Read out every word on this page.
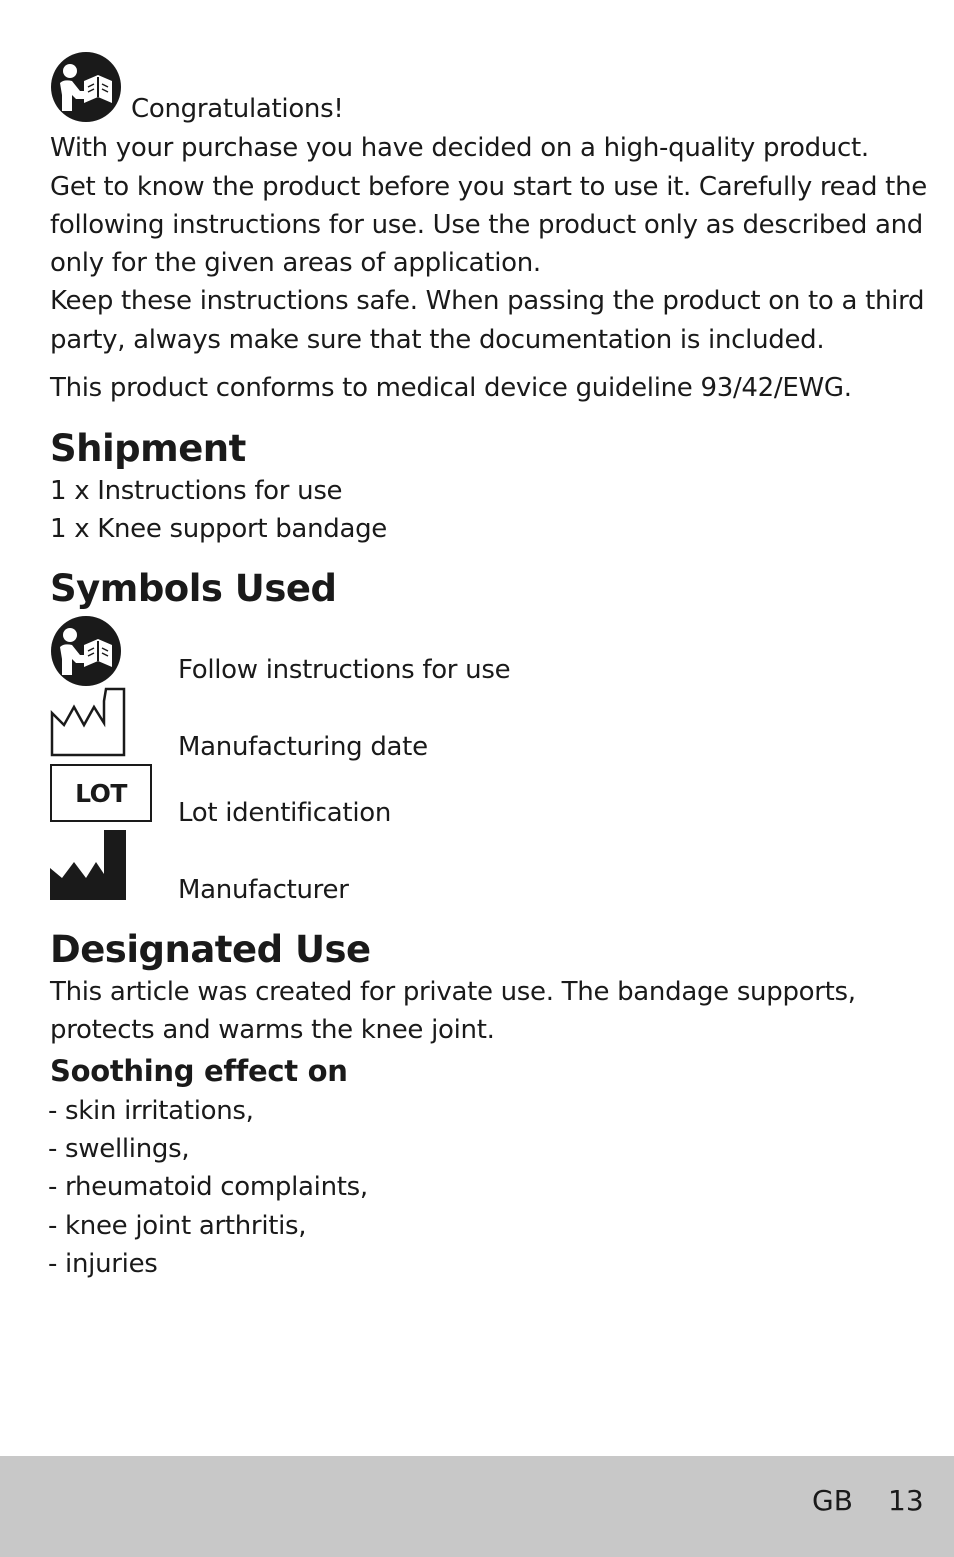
Congratulations!

With your purchase you have decided on a high-quality product.

Get to know the product before you start to use it. Carefully read the

following instructions for use. Use the product only as described and

only for the given areas of application.

Keep these instructions safe. When passing the product on to a third

party, always make sure that the documentation is included.

This product conforms to medical device guideline 93/42/EWG.

Shipment

1 x Instructions for use

1 x Knee support bandage

Symbols Used

Follow instructions for use

Manufacturing date

LOT

Lot identification

Manufacturer

Designated Use

This article was created for private use. The bandage supports,

protects and warms the knee joint.

Soothing effect on

- skin irritations,

- swellings,

- rheumatoid complaints,

- knee joint arthritis,

- injuries

GB 13
